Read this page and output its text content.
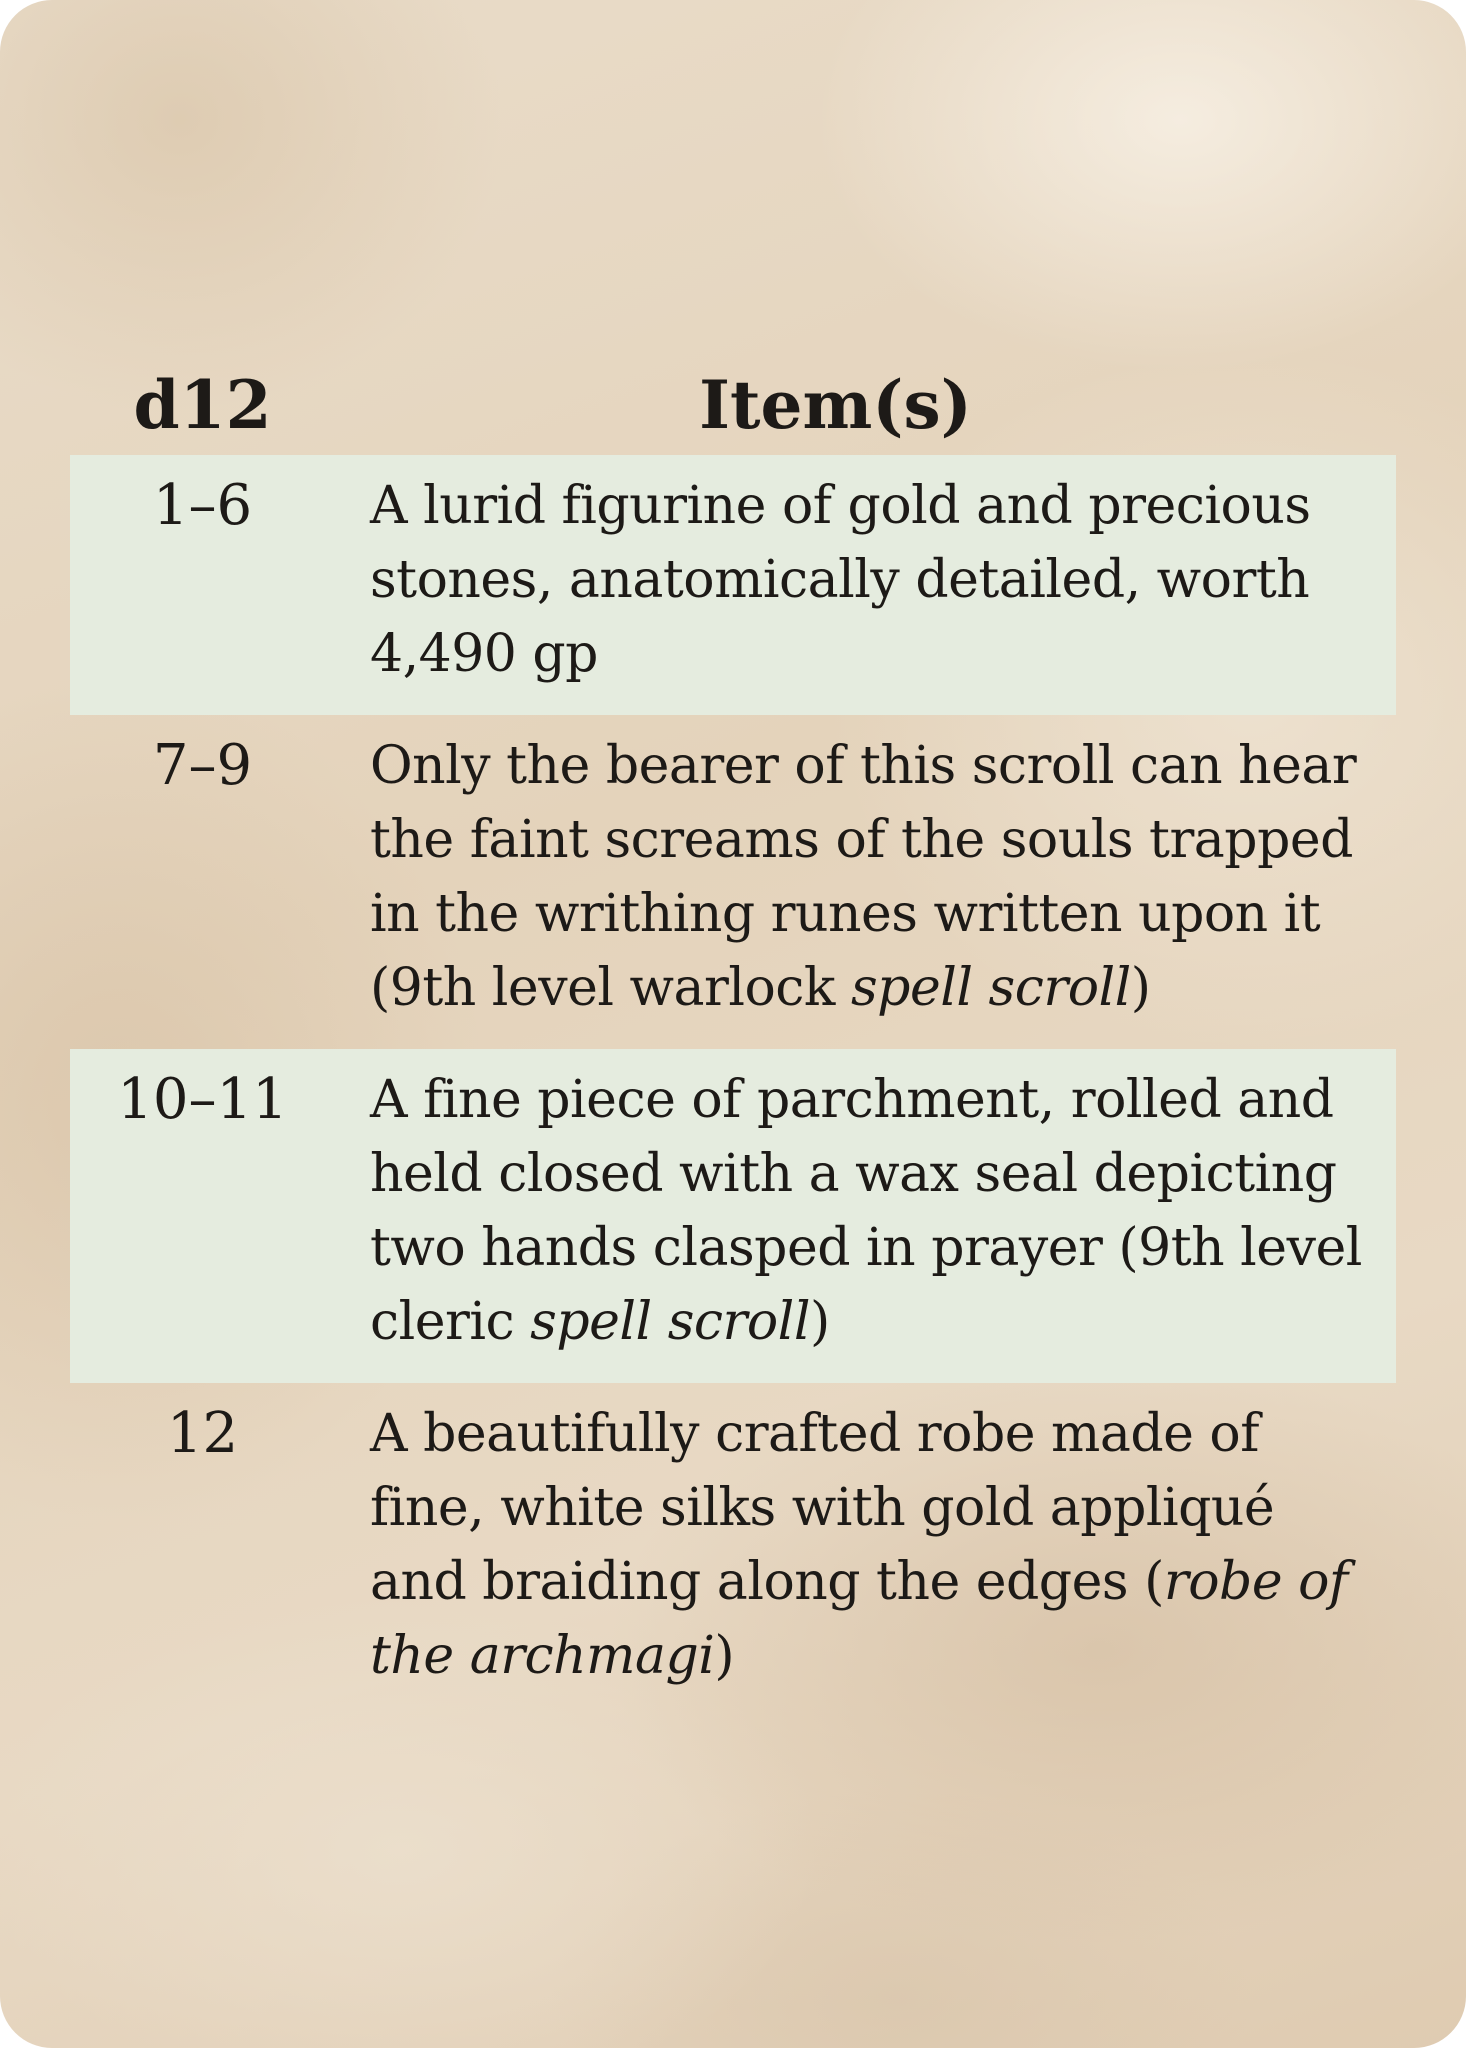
d12	Item(s)
1–6	A lurid figurine of gold and precious
stones, anatomically detailed, worth
4,490 gp
7–9	Only the bearer of this scroll can hear
the faint screams of the souls trapped
in the writhing runes written upon it
(9th level warlock spell scroll)
10–11	A fine piece of parchment, rolled and
held closed with a wax seal depicting
two hands clasped in prayer (9th level
cleric spell scroll)
12	A beautifully crafted robe made of
fine, white silks with gold appliqué
and braiding along the edges (robe of
the archmagi)
